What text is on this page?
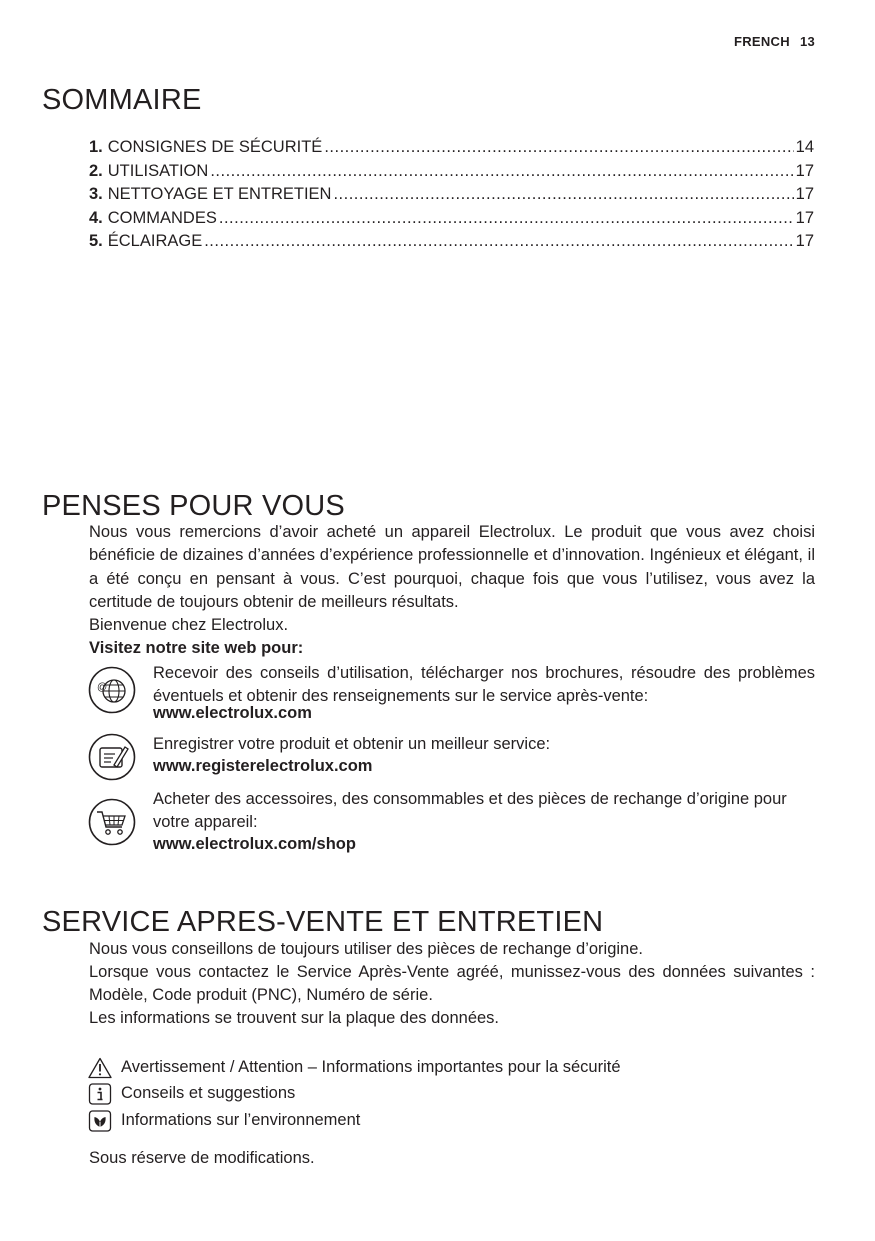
FRENCH 13
SOMMAIRE
1. CONSIGNES DE SÉCURITÉ .....	14
2. UTILISATION .....	17
3. NETTOYAGE ET ENTRETIEN .....	17
4. COMMANDES .....	17
5. ÉCLAIRAGE .....	17
PENSES POUR VOUS
Nous vous remercions d’avoir acheté un appareil Electrolux. Le produit que vous avez choisi bénéficie de dizaines d’années d’expérience professionnelle et d’innovation. Ingénieux et élégant, il a été conçu en pensant à vous. C’est pourquoi, chaque fois que vous l’utilisez, vous avez la certitude de toujours obtenir de meilleurs résultats.
Bienvenue chez Electrolux.
Visitez notre site web pour:
@
Recevoir des conseils d’utilisation, télécharger nos brochures, résoudre des problèmes éventuels et obtenir des renseignements sur le service après-vente:
www.electrolux.com
Enregistrer votre produit et obtenir un meilleur service:
www.registerelectrolux.com
Acheter des accessoires, des consommables et des pièces de rechange d’origine pour votre appareil:
www.electrolux.com/shop
SERVICE APRES-VENTE ET ENTRETIEN
Nous vous conseillons de toujours utiliser des pièces de rechange d’origine.
Lorsque vous contactez le Service Après-Vente agréé, munissez-vous des données suivantes : Modèle, Code produit (PNC), Numéro de série.
Les informations se trouvent sur la plaque des données.
Avertissement / Attention – Informations importantes pour la sécurité
Conseils et suggestions
Informations sur l’environnement
Sous réserve de modifications.
